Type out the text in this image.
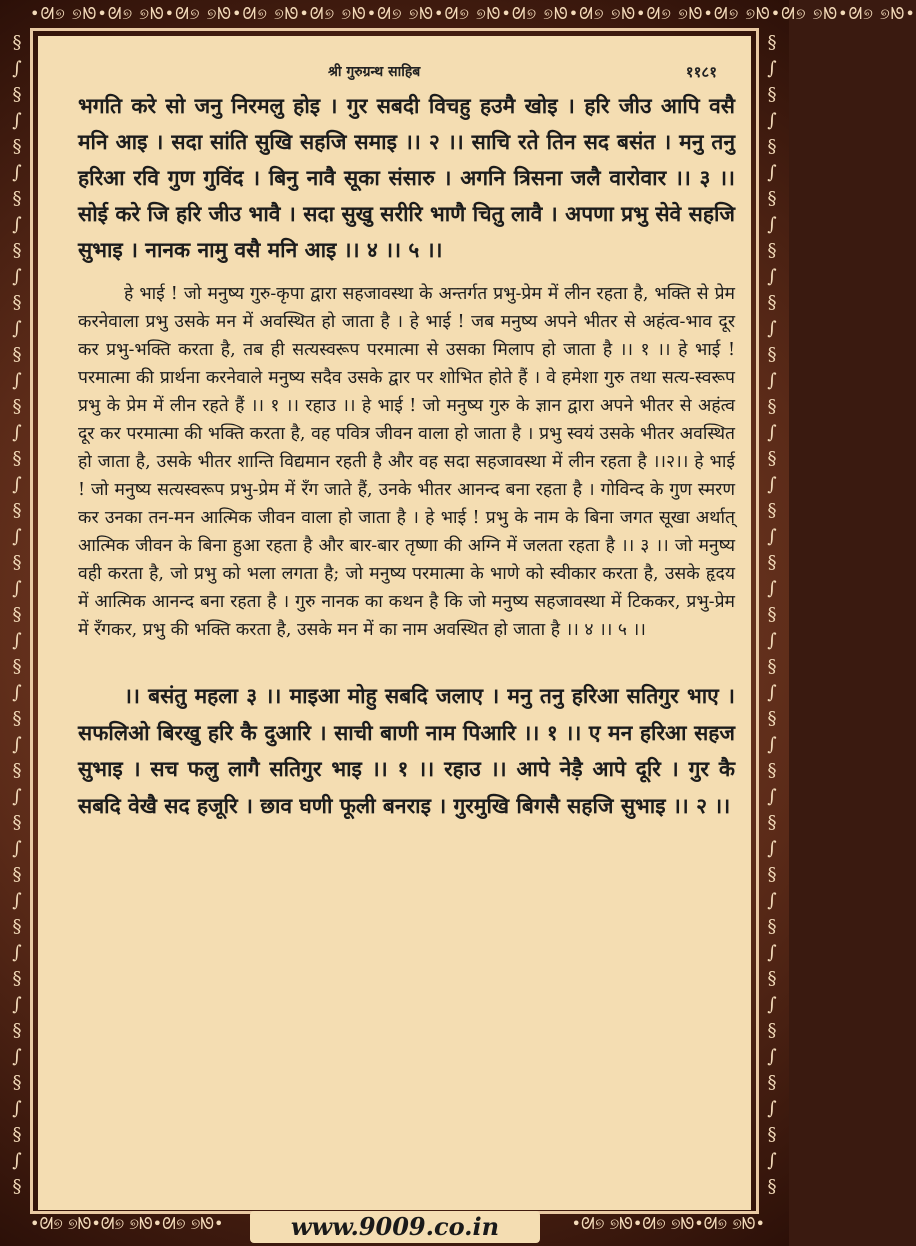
•ᘛ୭ ୭ᘚ•ᘛ୭ ୭ᘚ•ᘛ୭ ୭ᘚ•ᘛ୭ ୭ᘚ•ᘛ୭ ୭ᘚ•ᘛ୭ ୭ᘚ•ᘛ୭ ୭ᘚ•ᘛ୭ ୭ᘚ•ᘛ୭ ୭ᘚ•ᘛ୭ ୭ᘚ•ᘛ୭ ୭ᘚ•ᘛ୭ ୭ᘚ•ᘛ୭ ୭ᘚ•
§
∫
§
∫
§
∫
§
∫
§
∫
§
∫
§
∫
§
∫
§
∫
§
∫
§
∫
§
∫
§
∫
§
∫
§
∫
§
∫
§
∫
§
∫
§
∫
§
∫
§
∫
§
∫
§
§
∫
§
∫
§
∫
§
∫
§
∫
§
∫
§
∫
§
∫
§
∫
§
∫
§
∫
§
∫
§
∫
§
∫
§
∫
§
∫
§
∫
§
∫
§
∫
§
∫
§
∫
§
∫
§
•ᘛ୭ ୭ᘚ•ᘛ୭ ୭ᘚ•ᘛ୭ ୭ᘚ•	•ᘛ୭ ୭ᘚ•ᘛ୭ ୭ᘚ•ᘛ୭ ୭ᘚ•
श्री गुरुग्रन्थ साहिब	११८१
भगति करे सो जनु निरमलु होइ । गुर सबदी विचहु हउमै खोइ । हरि जीउ आपि वसै मनि आइ । सदा सांति सुखि सहजि समाइ ।। २ ।। साचि रते तिन सद बसंत । मनु तनु हरिआ रवि गुण गुविंद । बिनु नावै सूका संसारु । अगनि त्रिसना जलै वारोवार ।। ३ ।। सोई करे जि हरि जीउ भावै । सदा सुखु सरीरि भाणै चितु लावै । अपणा प्रभु सेवे सहजि सुभाइ । नानक नामु वसै मनि आइ ।। ४ ।। ५ ।।

हे भाई ! जो मनुष्य गुरु-कृपा द्वारा सहजावस्था के अन्तर्गत प्रभु-प्रेम में लीन रहता है, भक्ति से प्रेम करनेवाला प्रभु उसके मन में अवस्थित हो जाता है । हे भाई ! जब मनुष्य अपने भीतर से अहंत्व-भाव दूर कर प्रभु-भक्ति करता है, तब ही सत्यस्वरूप परमात्मा से उसका मिलाप हो जाता है ।। १ ।। हे भाई ! परमात्मा की प्रार्थना करनेवाले मनुष्य सदैव उसके द्वार पर शोभित होते हैं । वे हमेशा गुरु तथा सत्य-स्वरूप प्रभु के प्रेम में लीन रहते हैं ।। १ ।। रहाउ ।। हे भाई ! जो मनुष्य गुरु के ज्ञान द्वारा अपने भीतर से अहंत्व दूर कर परमात्मा की भक्ति करता है, वह पवित्र जीवन वाला हो जाता है । प्रभु स्वयं उसके भीतर अवस्थित हो जाता है, उसके भीतर शान्ति विद्यमान रहती है और वह सदा सहजावस्था में लीन रहता है ।।२।। हे भाई ! जो मनुष्य सत्यस्वरूप प्रभु-प्रेम में रँग जाते हैं, उनके भीतर आनन्द बना रहता है । गोविन्द के गुण स्मरण कर उनका तन-मन आत्मिक जीवन वाला हो जाता है । हे भाई ! प्रभु के नाम के बिना जगत सूखा अर्थात् आत्मिक जीवन के बिना हुआ रहता है और बार-बार तृष्णा की अग्नि में जलता रहता है ।। ३ ।। जो मनुष्य वही करता है, जो प्रभु को भला लगता है; जो मनुष्य परमात्मा के भाणे को स्वीकार करता है, उसके हृदय में आत्मिक आनन्द बना रहता है । गुरु नानक का कथन है कि जो मनुष्य सहजावस्था में टिककर, प्रभु-प्रेम में रँगकर, प्रभु की भक्ति करता है, उसके मन में का नाम अवस्थित हो जाता है ।। ४ ।। ५ ।।

।। बसंतु महला ३ ।। माइआ मोहु सबदि जलाए । मनु तनु हरिआ सतिगुर भाए । सफलिओ बिरखु हरि कै दुआरि । साची बाणी नाम पिआरि ।। १ ।। ए मन हरिआ सहज सुभाइ । सच फलु लागै सतिगुर भाइ ।। १ ।। रहाउ ।। आपे नेड़ै आपे दूरि । गुर कै सबदि वेखै सद हजूरि । छाव घणी फूली बनराइ । गुरमुखि बिगसै सहजि सुभाइ ।। २ ।।

www.9009.co.in
